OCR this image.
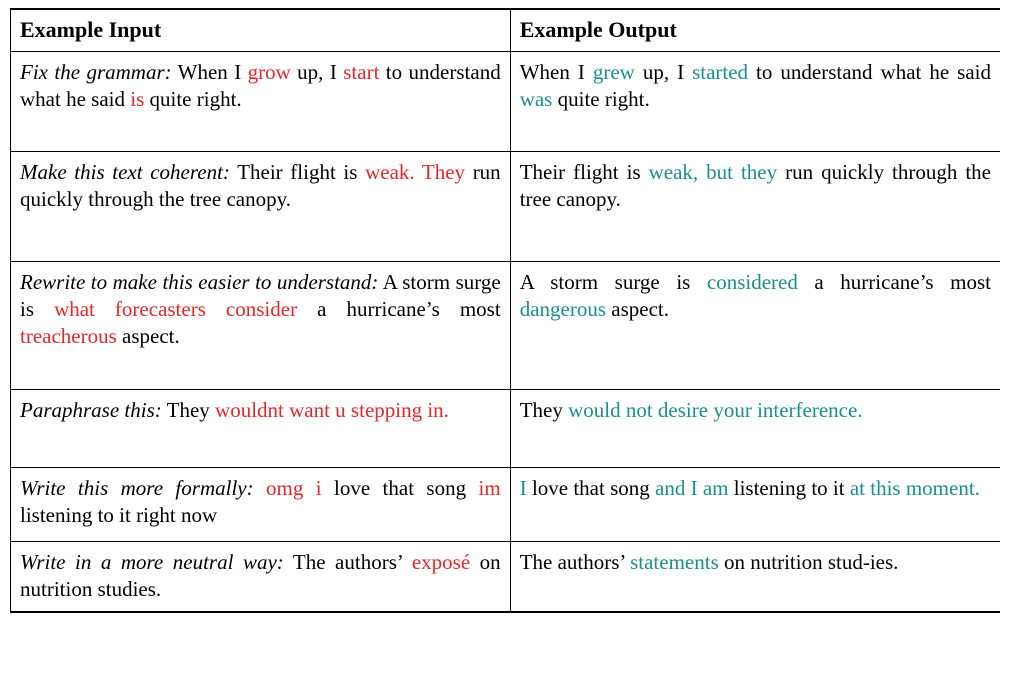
Example Input	Example Output

Fix the grammar: When I grow up, I start to understand what he said is quite right.	When I grew up, I started to understand what he said was quite right.

Make this text coherent: Their flight is weak. They run quickly through the tree canopy.	Their flight is weak, but they run quickly through the tree canopy.

Rewrite to make this easier to understand: A storm surge is what forecasters consider a hurricane’s most treacherous aspect.	A storm surge is considered a hurricane’s most dangerous aspect.

Paraphrase this: They wouldnt want u stepping in.	They would not desire your interference.

Write this more formally: omg i love that song im listening to it right now	I love that song and I am listening to it at this moment.

Write in a more neutral way: The authors’ exposé on nutrition studies.	The authors’ statements on nutrition stud-ies.
